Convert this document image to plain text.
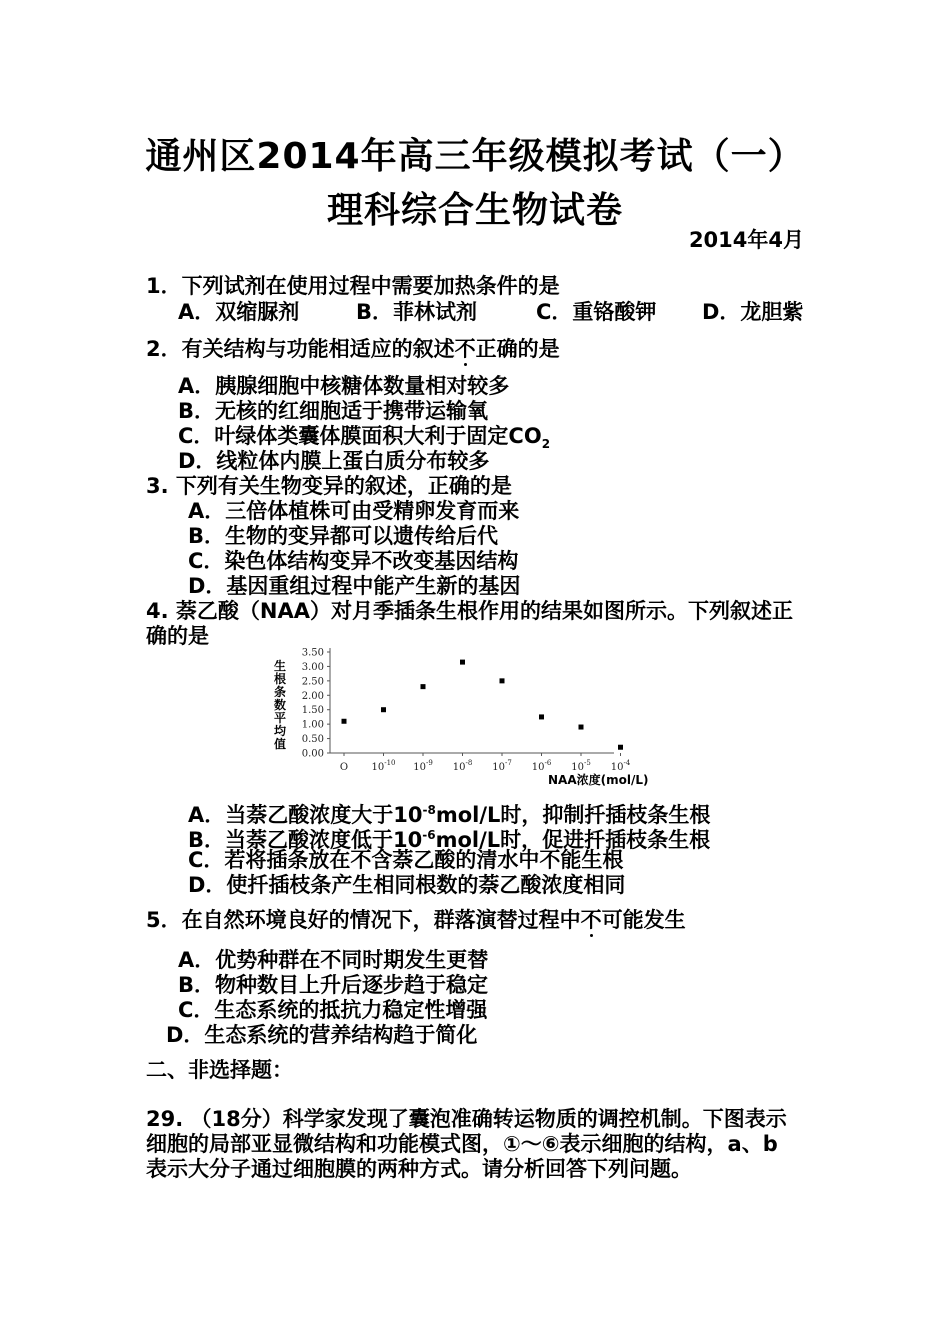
通州区2014年高三年级模拟考试（一）
理科综合生物试卷
2014年4月
1．下列试剂在使用过程中需要加热条件的是
A．双缩脲剂	B．菲林试剂	C．重铬酸钾 D．龙胆紫
2．有关结构与功能相适应的叙述不正确的是
A．胰腺细胞中核糖体数量相对较多
B．无核的红细胞适于携带运输氧
C．叶绿体类囊体膜面积大利于固定$CO_2$
D．线粒体内膜上蛋白质分布较多
3. 下列有关生物变异的叙述，正确的是
A．三倍体植株可由受精卵发育而来
B．生物的变异都可以遗传给后代
C．染色体结构变异不改变基因结构
D．基因重组过程中能产生新的基因
4. 萘乙酸（NAA）对月季插条生根作用的结果如图所示。下列叙述正
确的是
生
根
条
数
平
均
值
0.00
0.50
1.00
1.50
2.00
2.50
3.00
3.50
O $10^{-10}$ $10^{-9}$ $10^{-8}$ $10^{-7}$ $10^{-6}$ $10^{-5}$ $10^{-4}$
NAA浓度(mol/L)
A．当萘乙酸浓度大于$10^{-8}mol/L$时，抑制扦插枝条生根
B．当萘乙酸浓度低于$10^{-6}mol/L$时，促进扦插枝条生根
C．若将插条放在不含萘乙酸的清水中不能生根
D．使扦插枝条产生相同根数的萘乙酸浓度相同
5．在自然环境良好的情况下，群落演替过程中不可能发生
A．优势种群在不同时期发生更替
B．物种数目上升后逐步趋于稳定
C．生态系统的抵抗力稳定性增强
D．生态系统的营养结构趋于简化
二、非选择题：
29. （18分）科学家发现了囊泡准确转运物质的调控机制。下图表示
细胞的局部亚显微结构和功能模式图，①～⑥表示细胞的结构，a、b
表示大分子通过细胞膜的两种方式。请分析回答下列问题。
